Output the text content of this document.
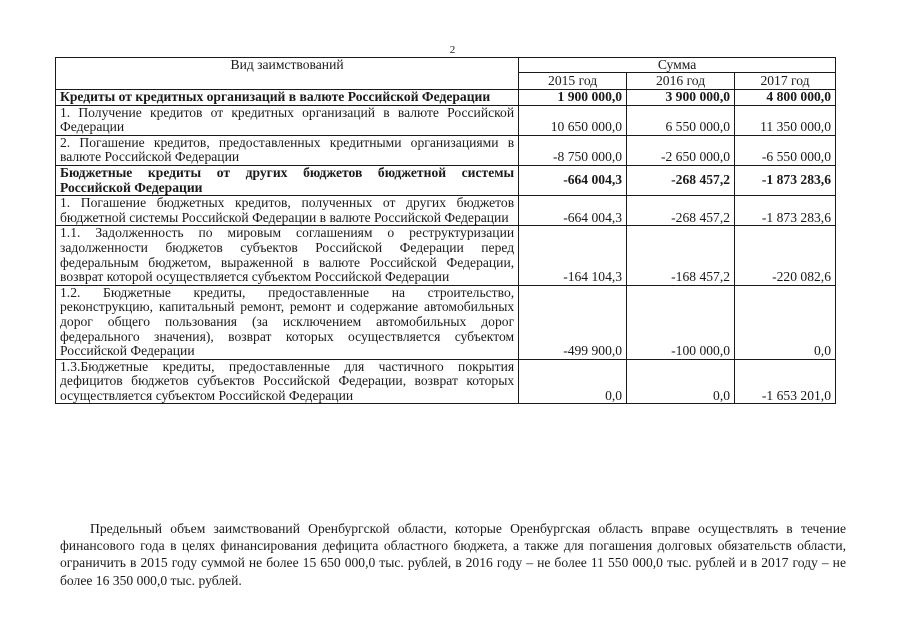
2
Вид заимствований	Сумма		
	2015 год	2016 год	2017 год
Кредиты от кредитных организаций в валюте Российской Федерации	1 900 000,0	3 900 000,0	4 800 000,0
1. Получение кредитов от кредитных организаций в валюте Российской Федерации	10 650 000,0	6 550 000,0	11 350 000,0
2. Погашение кредитов, предоставленных кредитными организациями в валюте Российской Федерации	-8 750 000,0	-2 650 000,0	-6 550 000,0
Бюджетные кредиты от других бюджетов бюджетной системы Российской Федерации	-664 004,3	-268 457,2	-1 873 283,6
1. Погашение бюджетных кредитов, полученных от других бюджетов бюджетной системы Российской Федерации в валюте Российской Федерации	-664 004,3	-268 457,2	-1 873 283,6
1.1. Задолженность по мировым соглашениям о реструктуризации задолженности бюджетов субъектов Российской Федерации перед федеральным бюджетом, выраженной в валюте Российской Федерации, возврат которой осуществляется субъектом Российской Федерации	-164 104,3	-168 457,2	-220 082,6
1.2. Бюджетные кредиты, предоставленные на строительство, реконструкцию, капитальный ремонт, ремонт и содержание автомобильных дорог общего пользования (за исключением автомобильных дорог федерального значения), возврат которых осуществляется субъектом Российской Федерации	-499 900,0	-100 000,0	0,0
1.3.Бюджетные кредиты, предоставленные для частичного покрытия дефицитов бюджетов субъектов Российской Федерации, возврат которых осуществляется субъектом Российской Федерации	0,0	0,0	-1 653 201,0

Предельный объем заимствований Оренбургской области, которые Оренбургская область вправе осуществлять в течение финансового года в целях финансирования дефицита областного бюджета, а также для погашения долговых обязательств области, ограничить в 2015 году суммой не более 15 650 000,0 тыс. рублей, в 2016 году – не более 11 550 000,0 тыс. рублей и в 2017 году – не более 16 350 000,0 тыс. рублей.
